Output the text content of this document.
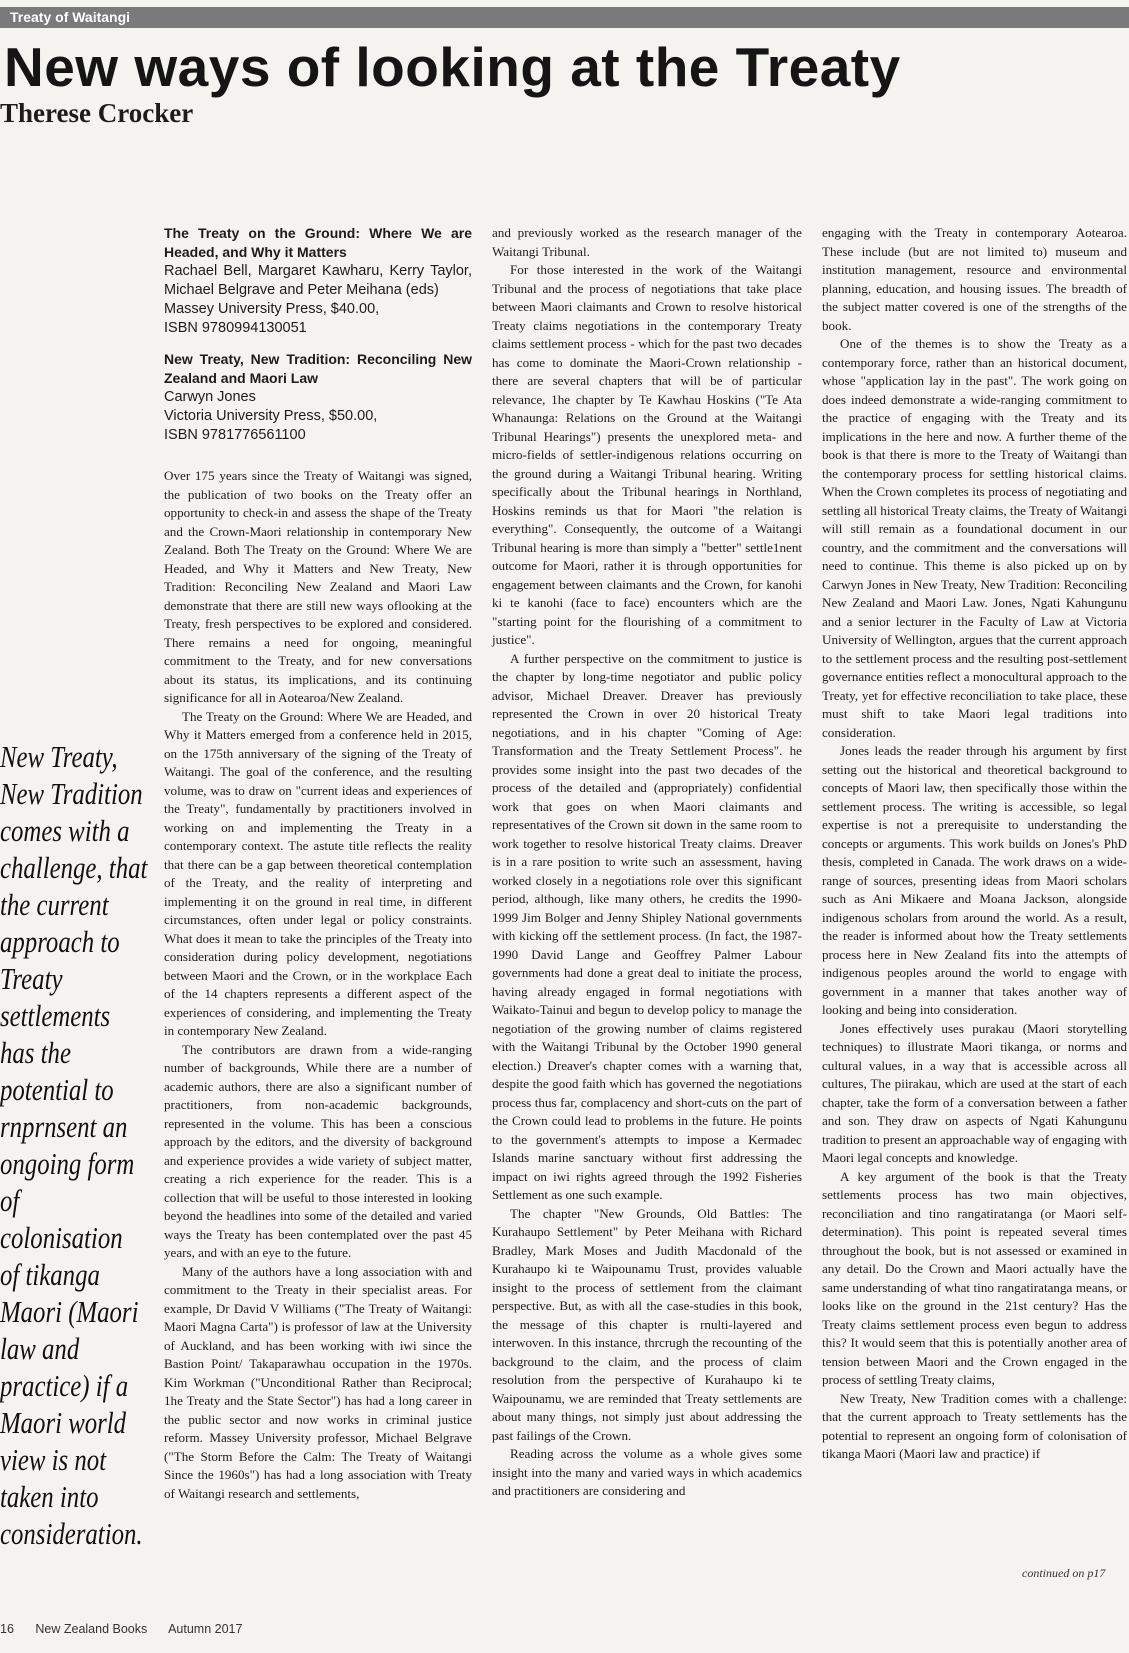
Treaty of Waitangi
New ways of looking at the Treaty
Therese Crocker

New Treaty, New Tradition comes with a challenge, that the current approach to Treaty settlements has the potential to rnprnsent an ongoing form of colonisation of tikanga Maori (Maori law and practice) if a Maori world view is not taken into consideration.

The Treaty on the Ground: Where We are Headed, and Why it Matters
Rachael Bell, Margaret Kawharu, Kerry Taylor, Michael Belgrave and Peter Meihana (eds)
Massey University Press, $40.00,
ISBN 9780994130051
New Treaty, New Tradition: Reconciling New Zealand and Maori Law
Carwyn Jones
Victoria University Press, $50.00,
ISBN 9781776561100

Over 175 years since the Treaty of Waitangi was signed, the publication of two books on the Treaty offer an opportunity to check-in and assess the shape of the Treaty and the Crown-Maori relationship in contemporary New Zealand. Both The Treaty on the Ground: Where We are Headed, and Why it Matters and New Treaty, New Tradition: Reconciling New Zealand and Maori Law demonstrate that there are still new ways oflooking at the Treaty, fresh perspectives to be explored and considered. There remains a need for ongoing, meaningful commitment to the Treaty, and for new conversations about its status, its implications, and its continuing significance for all in Aotearoa/New Zealand.

The Treaty on the Ground: Where We are Headed, and Why it Matters emerged from a conference held in 2015, on the 175th anniversary of the signing of the Treaty of Waitangi. The goal of the conference, and the resulting volume, was to draw on "current ideas and experiences of the Treaty", fundamentally by practitioners involved in working on and implementing the Treaty in a contemporary context. The astute title reflects the reality that there can be a gap between theoretical contemplation of the Treaty, and the reality of interpreting and implementing it on the ground in real time, in different circumstances, often under legal or policy constraints. What does it mean to take the principles of the Treaty into consideration during policy development, negotiations between Maori and the Crown, or in the workplace Each of the 14 chapters represents a different aspect of the experiences of considering, and implementing the Treaty in contemporary New Zealand.

The contributors are drawn from a wide-ranging number of backgrounds, While there are a number of academic authors, there are also a significant number of practitioners, from non-academic backgrounds, represented in the volume. This has been a conscious approach by the editors, and the diversity of background and experience provides a wide variety of subject matter, creating a rich experience for the reader. This is a collection that will be useful to those interested in looking beyond the headlines into some of the detailed and varied ways the Treaty has been contemplated over the past 45 years, and with an eye to the future.

Many of the authors have a long association with and commitment to the Treaty in their specialist areas. For example, Dr David V Williams ("The Treaty of Waitangi: Maori Magna Carta") is professor of law at the University of Auckland, and has been working with iwi since the Bastion Point/ Takaparawhau occupation in the 1970s. Kim Workman ("Unconditional Rather than Reciprocal; 1he Treaty and the State Sector") has had a long career in the public sector and now works in criminal justice reform. Massey University professor, Michael Belgrave ("The Storm Before the Calm: The Treaty of Waitangi Since the 1960s") has had a long association with Treaty of Waitangi research and settlements,

and previously worked as the research manager of the Waitangi Tribunal.

For those interested in the work of the Waitangi Tribunal and the process of negotiations that take place between Maori claimants and Crown to resolve historical Treaty claims negotiations in the contemporary Treaty claims settlement process - which for the past two decades has come to dominate the Maori-Crown relationship - there are several chapters that will be of particular relevance, 1he chapter by Te Kawhau Hoskins ("Te Ata Whanaunga: Relations on the Ground at the Waitangi Tribunal Hearings") presents the unexplored meta- and micro-fields of settler-indigenous relations occurring on the ground during a Waitangi Tribunal hearing. Writing specifically about the Tribunal hearings in Northland, Hoskins reminds us that for Maori "the relation is everything". Consequently, the outcome of a Waitangi Tribunal hearing is more than simply a "better" settle1nent outcome for Maori, rather it is through opportunities for engagement between claimants and the Crown, for kanohi ki te kanohi (face to face) encounters which are the "starting point for the flourishing of a commitment to justice".

A further perspective on the commitment to justice is the chapter by long-time negotiator and public policy advisor, Michael Dreaver. Dreaver has previously represented the Crown in over 20 historical Treaty negotiations, and in his chapter "Coming of Age: Transformation and the Treaty Settlement Process". he provides some insight into the past two decades of the process of the detailed and (appropriately) confidential work that goes on when Maori claimants and representatives of the Crown sit down in the same room to work together to resolve historical Treaty claims. Dreaver is in a rare position to write such an assessment, having worked closely in a negotiations role over this significant period, although, like many others, he credits the 1990-1999 Jim Bolger and Jenny Shipley National governments with kicking off the settlement process. (In fact, the 1987-1990 David Lange and Geoffrey Palmer Labour governments had done a great deal to initiate the process, having already engaged in formal negotiations with Waikato-Tainui and begun to develop policy to manage the negotiation of the growing number of claims registered with the Waitangi Tribunal by the October 1990 general election.) Dreaver's chapter comes with a warning that, despite the good faith which has governed the negotiations process thus far, complacency and short-cuts on the part of the Crown could lead to problems in the future. He points to the government's attempts to impose a Kermadec Islands marine sanctuary without first addressing the impact on iwi rights agreed through the 1992 Fisheries Settlement as one such example.

The chapter "New Grounds, Old Battles: The Kurahaupo Settlement" by Peter Meihana with Richard Bradley, Mark Moses and Judith Macdonald of the Kurahaupo ki te Waipounamu Trust, provides valuable insight to the process of settlement from the claimant perspective. But, as with all the case-studies in this book, the message of this chapter is rnulti-layered and interwoven. In this instance, thrcrugh the recounting of the background to the claim, and the process of claim resolution from the perspective of Kurahaupo ki te Waipounamu, we are reminded that Treaty settlements are about many things, not simply just about addressing the past failings of the Crown.

Reading across the volume as a whole gives some insight into the many and varied ways in which academics and practitioners are considering and

engaging with the Treaty in contemporary Aotearoa. These include (but are not limited to) museum and institution management, resource and environmental planning, education, and housing issues. The breadth of the subject matter covered is one of the strengths of the book.

One of the themes is to show the Treaty as a contemporary force, rather than an historical document, whose "application lay in the past". The work going on does indeed demonstrate a wide-ranging commitment to the practice of engaging with the Treaty and its implications in the here and now. A further theme of the book is that there is more to the Treaty of Waitangi than the contemporary process for settling historical claims. When the Crown completes its process of negotiating and settling all historical Treaty claims, the Treaty of Waitangi will still remain as a foundational document in our country, and the commitment and the conversations will need to continue. This theme is also picked up on by Carwyn Jones in New Treaty, New Tradition: Reconciling New Zealand and Maori Law. Jones, Ngati Kahungunu and a senior lecturer in the Faculty of Law at Victoria University of Wellington, argues that the current approach to the settlement process and the resulting post-settlement governance entities reflect a monocultural approach to the Treaty, yet for effective reconciliation to take place, these must shift to take Maori legal traditions into consideration.

Jones leads the reader through his argument by first setting out the historical and theoretical background to concepts of Maori law, then specifically those within the settlement process. The writing is accessible, so legal expertise is not a prerequisite to understanding the concepts or arguments. This work builds on Jones's PhD thesis, completed in Canada. The work draws on a wide-range of sources, presenting ideas from Maori scholars such as Ani Mikaere and Moana Jackson, alongside indigenous scholars from around the world. As a result, the reader is informed about how the Treaty settlements process here in New Zealand fits into the attempts of indigenous peoples around the world to engage with government in a manner that takes another way of looking and being into consideration.

Jones effectively uses purakau (Maori storytelling techniques) to illustrate Maori tikanga, or norms and cultural values, in a way that is accessible across all cultures, The piirakau, which are used at the start of each chapter, take the form of a conversation between a father and son. They draw on aspects of Ngati Kahungunu tradition to present an approachable way of engaging with Maori legal concepts and knowledge.

A key argument of the book is that the Treaty settlements process has two main objectives, reconciliation and tino rangatiratanga (or Maori self-determination). This point is repeated several times throughout the book, but is not assessed or examined in any detail. Do the Crown and Maori actually have the same understanding of what tino rangatiratanga means, or looks like on the ground in the 21st century? Has the Treaty claims settlement process even begun to address this? It would seem that this is potentially another area of tension between Maori and the Crown engaged in the process of settling Treaty claims,

New Treaty, New Tradition comes with a challenge: that the current approach to Treaty settlements has the potential to represent an ongoing form of colonisation of tikanga Maori (Maori law and practice) if

continued on p17
16 New Zealand Books Autumn 2017
